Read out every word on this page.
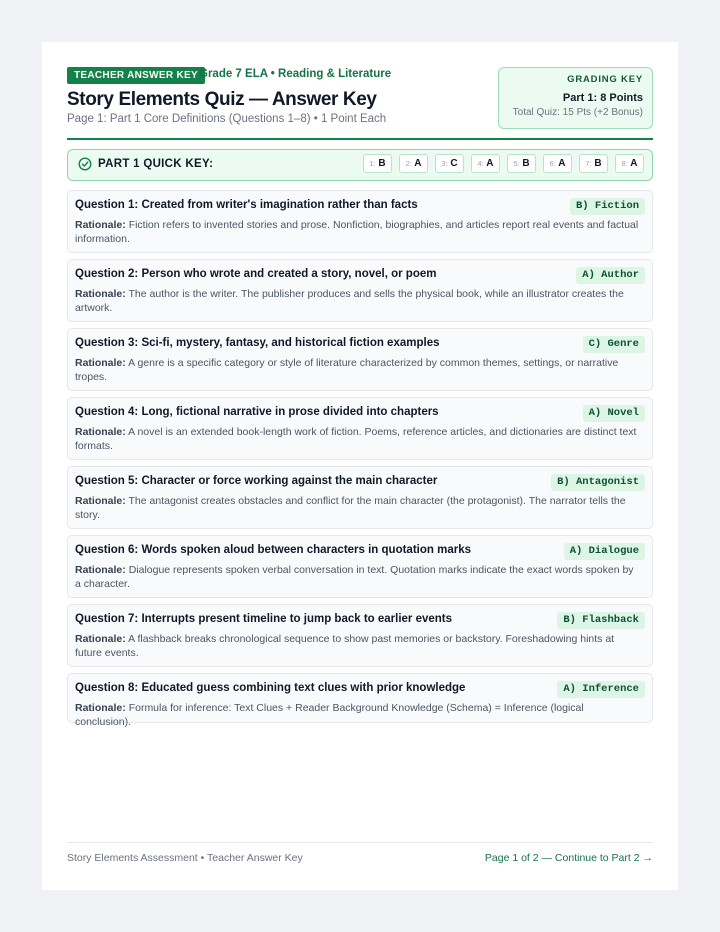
TEACHER ANSWER KEY Grade 7 ELA • Reading & Literature
Story Elements Quiz — Answer Key
Page 1: Part 1 Core Definitions (Questions 1–8) • 1 Point Each
GRADING KEY
Part 1: 8 Points
Total Quiz: 15 Pts (+2 Bonus)
PART 1 QUICK KEY:	1: B	2: A	3: C	4: A	5: B	6: A	7: B	8: A
Question 1: Created from writer's imagination rather than facts	B) Fiction
Rationale: Fiction refers to invented stories and prose. Nonfiction, biographies, and articles report real events and factual information.
Question 2: Person who wrote and created a story, novel, or poem	A) Author
Rationale: The author is the writer. The publisher produces and sells the physical book, while an illustrator creates the artwork.
Question 3: Sci-fi, mystery, fantasy, and historical fiction examples	C) Genre
Rationale: A genre is a specific category or style of literature characterized by common themes, settings, or narrative tropes.
Question 4: Long, fictional narrative in prose divided into chapters	A) Novel
Rationale: A novel is an extended book-length work of fiction. Poems, reference articles, and dictionaries are distinct text formats.
Question 5: Character or force working against the main character	B) Antagonist
Rationale: The antagonist creates obstacles and conflict for the main character (the protagonist). The narrator tells the story.
Question 6: Words spoken aloud between characters in quotation marks	A) Dialogue
Rationale: Dialogue represents spoken verbal conversation in text. Quotation marks indicate the exact words spoken by a character.
Question 7: Interrupts present timeline to jump back to earlier events	B) Flashback
Rationale: A flashback breaks chronological sequence to show past memories or backstory. Foreshadowing hints at future events.
Question 8: Educated guess combining text clues with prior knowledge	A) Inference
Rationale: Formula for inference: Text Clues + Reader Background Knowledge (Schema) = Inference (logical conclusion).
Story Elements Assessment • Teacher Answer Key	Page 1 of 2 — Continue to Part 2 →
